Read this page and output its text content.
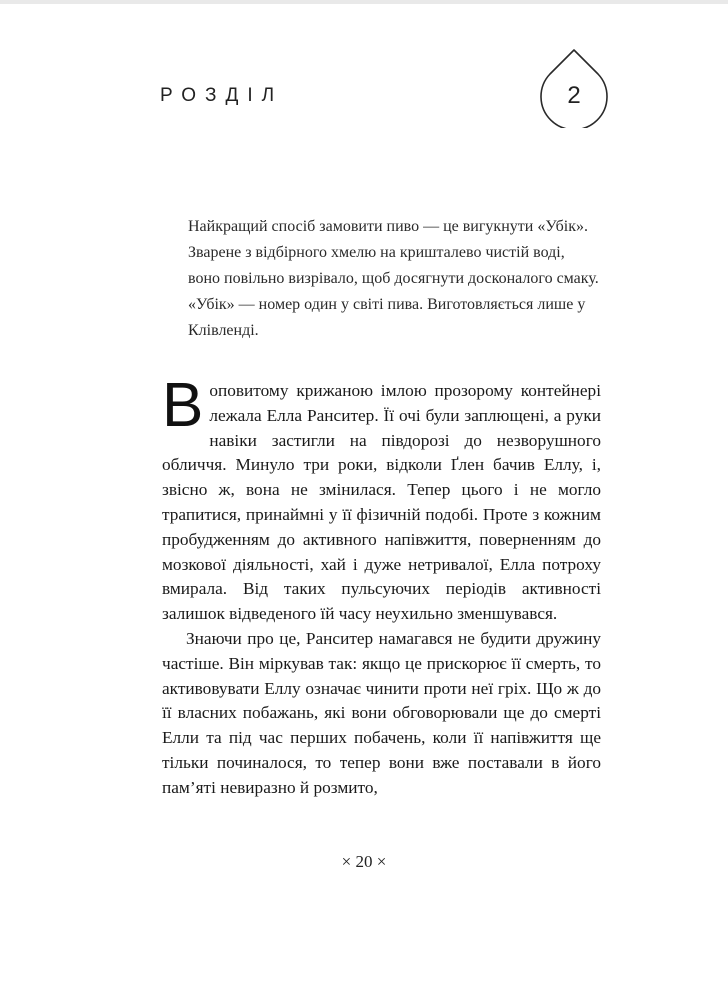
РОЗДІЛ	2

Найкращий спосіб замовити пиво — це вигукнути «Убік». Зварене з відбірного хмелю на кришталево чистій воді, воно повільно визрівало, щоб досягнути досконалого смаку. «Убік» — номер один у світі пива. Виготовляється лише у Клівленді.

Воповитому крижаною імлою прозорому контейнері лежала Елла Ранситер. Її очі були заплющені, а руки навіки застигли на півдорозі до незворушного обличчя. Минуло три роки, відколи Ґлен бачив Еллу, і, звісно ж, вона не змінилася. Тепер цього і не могло трапитися, принаймні у її фізичній подобі. Проте з кожним пробудженням до активного напівжиття, поверненням до мозкової діяльності, хай і дуже нетривалої, Елла потроху вмирала. Від таких пульсуючих періодів активності залишок відведеного їй часу неухильно зменшувався.

Знаючи про це, Ранситер намагався не будити дружину частіше. Він міркував так: якщо це прискорює її смерть, то активовувати Еллу означає чинити проти неї гріх. Що ж до її власних побажань, які вони обговорювали ще до смерті Елли та під час перших побачень, коли її напівжиття ще тільки починалося, то тепер вони вже поставали в його пам’яті невиразно й розмито,

× 20 ×
